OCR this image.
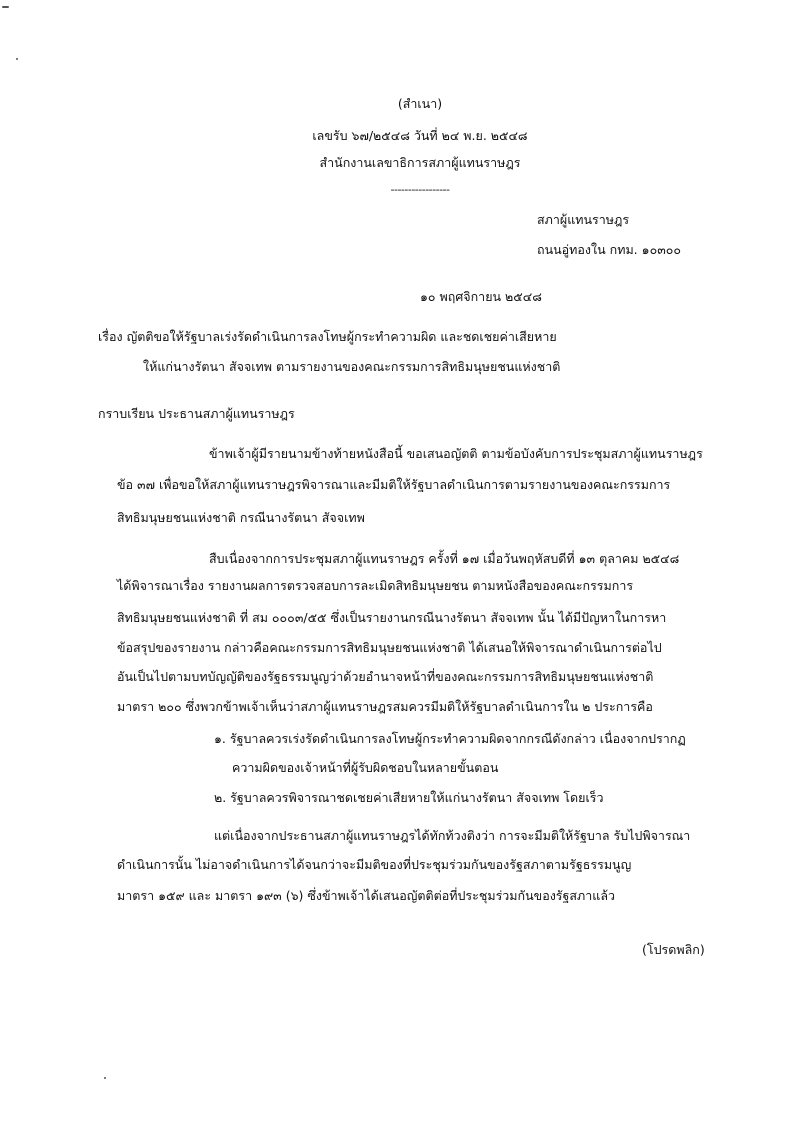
(สำเนา)
เลขรับ ๖๗/๒๕๔๘ วันที่ ๒๔ พ.ย. ๒๕๔๘
สำนักงานเลขาธิการสภาผู้แทนราษฎร
-----------------
สภาผู้แทนราษฎร
ถนนอู่ทองใน กทม. ๑๐๓๐๐
๑๐ พฤศจิกายน ๒๕๔๘
เรื่อง ญัตติขอให้รัฐบาลเร่งรัดดำเนินการลงโทษผู้กระทำความผิด และชดเชยค่าเสียหาย
ให้แก่นางรัตนา สัจจเทพ ตามรายงานของคณะกรรมการสิทธิมนุษยชนแห่งชาติ
กราบเรียน ประธานสภาผู้แทนราษฎร
ข้าพเจ้าผู้มีรายนามข้างท้ายหนังสือนี้ ขอเสนอญัตติ ตามข้อบังคับการประชุมสภาผู้แทนราษฎร
ข้อ ๓๗ เพื่อขอให้สภาผู้แทนราษฎรพิจารณาและมีมติให้รัฐบาลดำเนินการตามรายงานของคณะกรรมการ
สิทธิมนุษยชนแห่งชาติ กรณีนางรัตนา สัจจเทพ
สืบเนื่องจากการประชุมสภาผู้แทนราษฎร ครั้งที่ ๑๗ เมื่อวันพฤหัสบดีที่ ๑๓ ตุลาคม ๒๕๔๘
ได้พิจารณาเรื่อง รายงานผลการตรวจสอบการละเมิดสิทธิมนุษยชน ตามหนังสือของคณะกรรมการ
สิทธิมนุษยชนแห่งชาติ ที่ สม ๐๐๐๓/๕๕ ซึ่งเป็นรายงานกรณีนางรัตนา สัจจเทพ นั้น ได้มีปัญหาในการหา
ข้อสรุปของรายงาน กล่าวคือคณะกรรมการสิทธิมนุษยชนแห่งชาติ ได้เสนอให้พิจารณาดำเนินการต่อไป
อันเป็นไปตามบทบัญญัติของรัฐธรรมนูญว่าด้วยอำนาจหน้าที่ของคณะกรรมการสิทธิมนุษยชนแห่งชาติ
มาตรา ๒๐๐ ซึ่งพวกข้าพเจ้าเห็นว่าสภาผู้แทนราษฎรสมควรมีมติให้รัฐบาลดำเนินการใน ๒ ประการคือ
๑. รัฐบาลควรเร่งรัดดำเนินการลงโทษผู้กระทำความผิดจากกรณีดังกล่าว เนื่องจากปรากฏ
ความผิดของเจ้าหน้าที่ผู้รับผิดชอบในหลายขั้นตอน
๒. รัฐบาลควรพิจารณาชดเชยค่าเสียหายให้แก่นางรัตนา สัจจเทพ โดยเร็ว
แต่เนื่องจากประธานสภาผู้แทนราษฎรได้ทักท้วงติงว่า การจะมีมติให้รัฐบาล รับไปพิจารณา
ดำเนินการนั้น ไม่อาจดำเนินการได้จนกว่าจะมีมติของที่ประชุมร่วมกันของรัฐสภาตามรัฐธรรมนูญ
มาตรา ๑๕๙ และ มาตรา ๑๙๓ (๖) ซึ่งข้าพเจ้าได้เสนอญัตติต่อที่ประชุมร่วมกันของรัฐสภาแล้ว
(โปรดพลิก)
